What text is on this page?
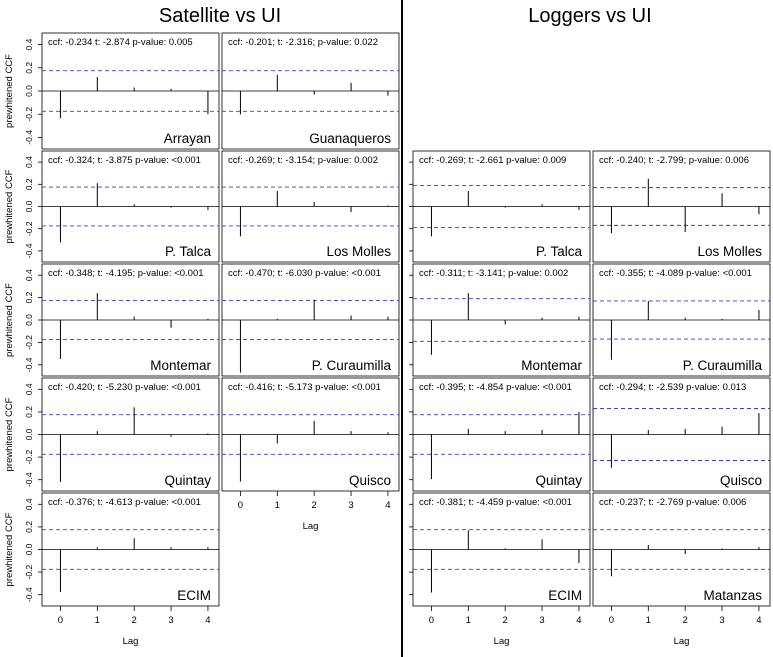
Satellite vs UI	Loggers vs UI
ccf: -0.234 t: -2.874 p-value: 0.005
Arrayan
0.4
0.2
0.0
-0.2
-0.4
prewhitened CCF
ccf: -0.201; t: -2.316; p-value: 0.022
Guanaqueros
ccf: -0.324; t: -3.875 p-value: <0.001
P. Talca
0.4
0.2
0.0
-0.2
-0.4
prewhitened CCF
ccf: -0.269; t: -3.154; p-value: 0.002
Los Molles
ccf: -0.348; t: -4.195; p-value: <0.001
Montemar
0.4
0.2
0.0
-0.2
-0.4
prewhitened CCF
ccf: -0.470; t: -6.030 p-value: <0.001
P. Curaumilla
ccf: -0.420; t: -5.230 p-value: <0.001
Quintay
0.4
0.2
0.0
-0.2
-0.4
prewhitened CCF
ccf: -0.416; t: -5.173 p-value: <0.001
Quisco
ccf: -0.376; t: -4.613 p-value: <0.001
ECIM
0.4
0.2
0.0
-0.2
-0.4
prewhitened CCF
ccf: -0.269; t: -2.661 p-value: 0.009
P. Talca
ccf: -0.240; t: -2.799; p-value: 0.006
Los Molles
ccf: -0.311; t: -3.141; p-value: 0.002
Montemar
ccf: -0.355; t: -4.089 p-value: <0.001
P. Curaumilla
ccf: -0.395; t: -4.854 p-value: <0.001
Quintay
ccf: -0.294; t: -2.539 p-value: 0.013
Quisco
ccf: -0.381; t: -4.459 p-value: <0.001
ECIM
ccf: -0.237; t: -2.769 p-value: 0.006
Matanzas
0	1	2	3	4
Lag
0	1	2	3	4
Lag
0	1	2	3	4
Lag
0	1	2	3	4
Lag
